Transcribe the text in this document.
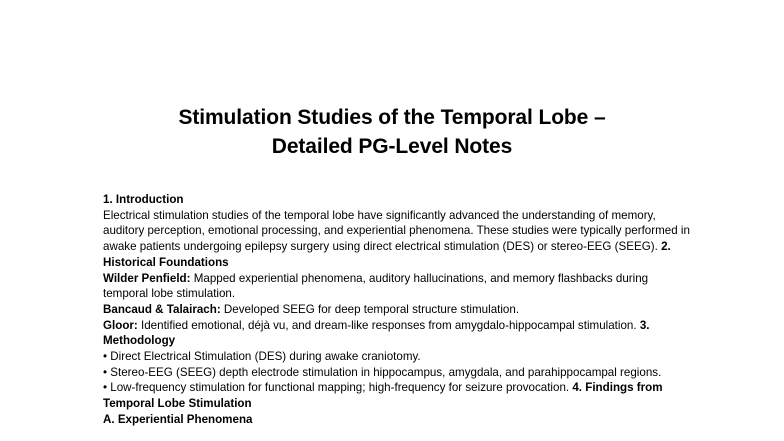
Stimulation Studies of the Temporal Lobe –
Detailed PG-Level Notes

1. Introduction
Electrical stimulation studies of the temporal lobe have significantly advanced the understanding of memory, auditory perception, emotional processing, and experiential phenomena. These studies were typically performed in awake patients undergoing epilepsy surgery using direct electrical stimulation (DES) or stereo-EEG (SEEG). 2. Historical Foundations

Wilder Penfield: Mapped experiential phenomena, auditory hallucinations, and memory flashbacks during temporal lobe stimulation.

Bancaud & Talairach: Developed SEEG for deep temporal structure stimulation.

Gloor: Identified emotional, déjà vu, and dream-like responses from amygdalo-hippocampal stimulation. 3. Methodology

• Direct Electrical Stimulation (DES) during awake craniotomy.

• Stereo-EEG (SEEG) depth electrode stimulation in hippocampus, amygdala, and parahippocampal regions.

• Low-frequency stimulation for functional mapping; high-frequency for seizure provocation. 4. Findings from Temporal Lobe Stimulation

A. Experiential Phenomena
